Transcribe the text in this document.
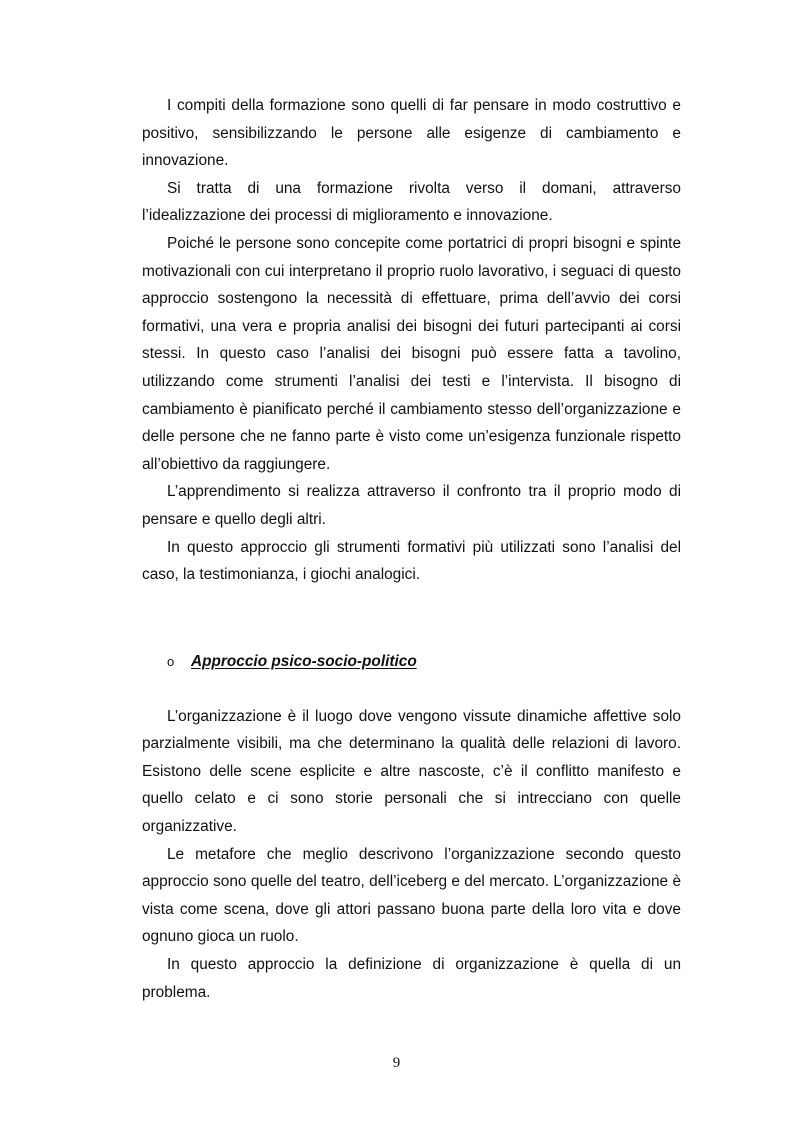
I compiti della formazione sono quelli di far pensare in modo costruttivo e positivo, sensibilizzando le persone alle esigenze di cambiamento e innovazione.

Si tratta di una formazione rivolta verso il domani, attraverso l’idealizzazione dei processi di miglioramento e innovazione.

Poiché le persone sono concepite come portatrici di propri bisogni e spinte motivazionali con cui interpretano il proprio ruolo lavorativo, i seguaci di questo approccio sostengono la necessità di effettuare, prima dell’avvio dei corsi formativi, una vera e propria analisi dei bisogni dei futuri partecipanti ai corsi stessi. In questo caso l’analisi dei bisogni può essere fatta a tavolino, utilizzando come strumenti l’analisi dei testi e l’intervista. Il bisogno di cambiamento è pianificato perché il cambiamento stesso dell’organizzazione e delle persone che ne fanno parte è visto come un’esigenza funzionale rispetto all’obiettivo da raggiungere.

L’apprendimento si realizza attraverso il confronto tra il proprio modo di pensare e quello degli altri.

In questo approccio gli strumenti formativi più utilizzati sono l’analisi del caso, la testimonianza, i giochi analogici.

o	Approccio psico-socio-politico

L’organizzazione è il luogo dove vengono vissute dinamiche affettive solo parzialmente visibili, ma che determinano la qualità delle relazioni di lavoro. Esistono delle scene esplicite e altre nascoste, c’è il conflitto manifesto e quello celato e ci sono storie personali che si intrecciano con quelle organizzative.

Le metafore che meglio descrivono l’organizzazione secondo questo approccio sono quelle del teatro, dell’iceberg e del mercato. L’organizzazione è vista come scena, dove gli attori passano buona parte della loro vita e dove ognuno gioca un ruolo.

In questo approccio la definizione di organizzazione è quella di un problema.

9
